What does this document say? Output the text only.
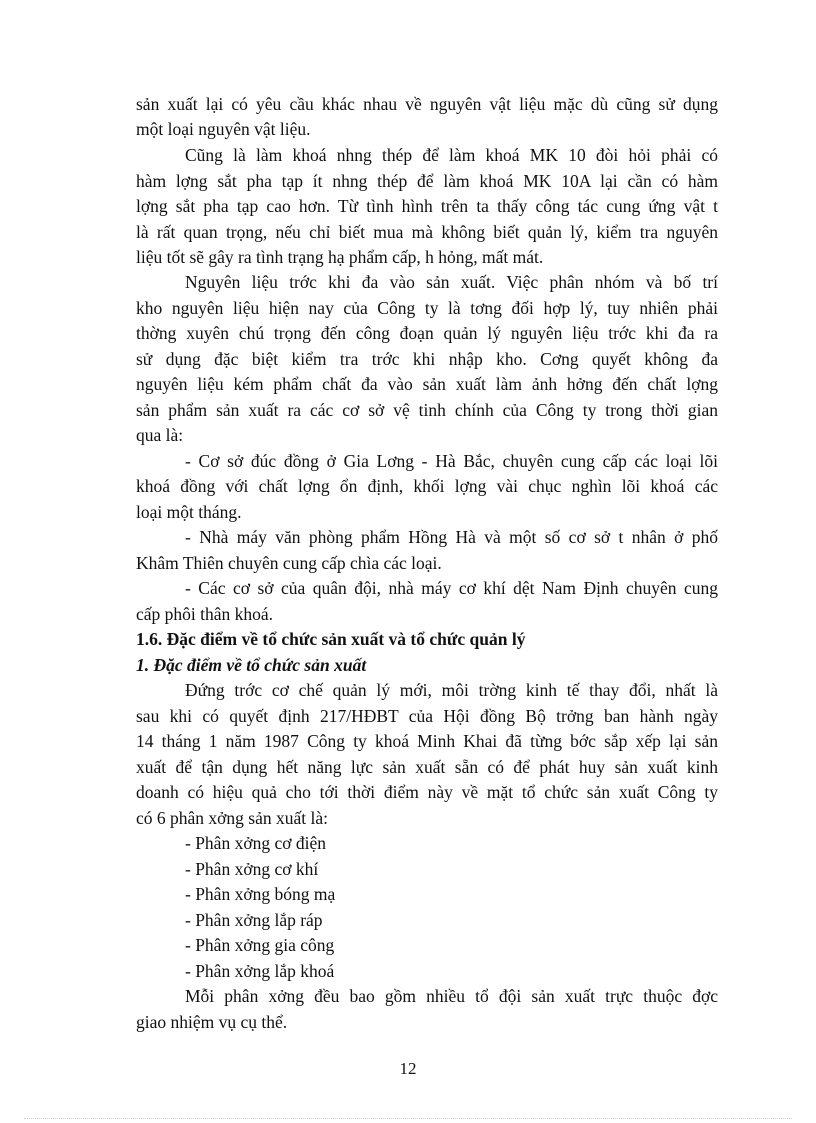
sản xuất lại có yêu cầu khác nhau về nguyên vật liệu mặc dù cũng sử dụng
một loại nguyên vật liệu.
Cũng là làm khoá nhng thép để làm khoá MK 10 đòi hỏi phải có
hàm lợng sắt pha tạp ít nhng thép để làm khoá MK 10A lại cần có hàm
lợng sắt pha tạp cao hơn. Từ tình hình trên ta thấy công tác cung ứng vật t
là rất quan trọng, nếu chỉ biết mua mà không biết quản lý, kiểm tra nguyên
liệu tốt sẽ gây ra tình trạng hạ phẩm cấp, h hỏng, mất mát.
Nguyên liệu trớc khi đa vào sản xuất. Việc phân nhóm và bố trí
kho nguyên liệu hiện nay của Công ty là tơng đối hợp lý, tuy nhiên phải
thờng xuyên chú trọng đến công đoạn quản lý nguyên liệu trớc khi đa ra
sử dụng đặc biệt kiểm tra trớc khi nhập kho. Cơng quyết không đa
nguyên liệu kém phẩm chất đa vào sản xuất làm ảnh hởng đến chất lợng
sản phẩm sản xuất ra các cơ sở vệ tinh chính của Công ty trong thời gian
qua là:
- Cơ sở đúc đồng ở Gia Lơng - Hà Bắc, chuyên cung cấp các loại lõi
khoá đồng với chất lợng ổn định, khối lợng vài chục nghìn lõi khoá các
loại một tháng.
- Nhà máy văn phòng phẩm Hồng Hà và một số cơ sở t nhân ở phố
Khâm Thiên chuyên cung cấp chìa các loại.
- Các cơ sở của quân đội, nhà máy cơ khí dệt Nam Định chuyên cung
cấp phôi thân khoá.
1.6. Đặc điểm về tổ chức sản xuất và tổ chức quản lý
1. Đặc điểm về tổ chức sản xuất
Đứng trớc cơ chế quản lý mới, môi trờng kinh tế thay đổi, nhất là
sau khi có quyết định 217/HĐBT của Hội đồng Bộ trởng ban hành ngày
14 tháng 1 năm 1987 Công ty khoá Minh Khai đã từng bớc sắp xếp lại sản
xuất để tận dụng hết năng lực sản xuất sẵn có để phát huy sản xuất kinh
doanh có hiệu quả cho tới thời điểm này về mặt tổ chức sản xuất Công ty
có 6 phân xởng sản xuất là:
- Phân xởng cơ điện
- Phân xởng cơ khí
- Phân xởng bóng mạ
- Phân xởng lắp ráp
- Phân xởng gia công
- Phân xởng lắp khoá
Mỗi phân xởng đều bao gồm nhiều tổ đội sản xuất trực thuộc đợc
giao nhiệm vụ cụ thể.
12
